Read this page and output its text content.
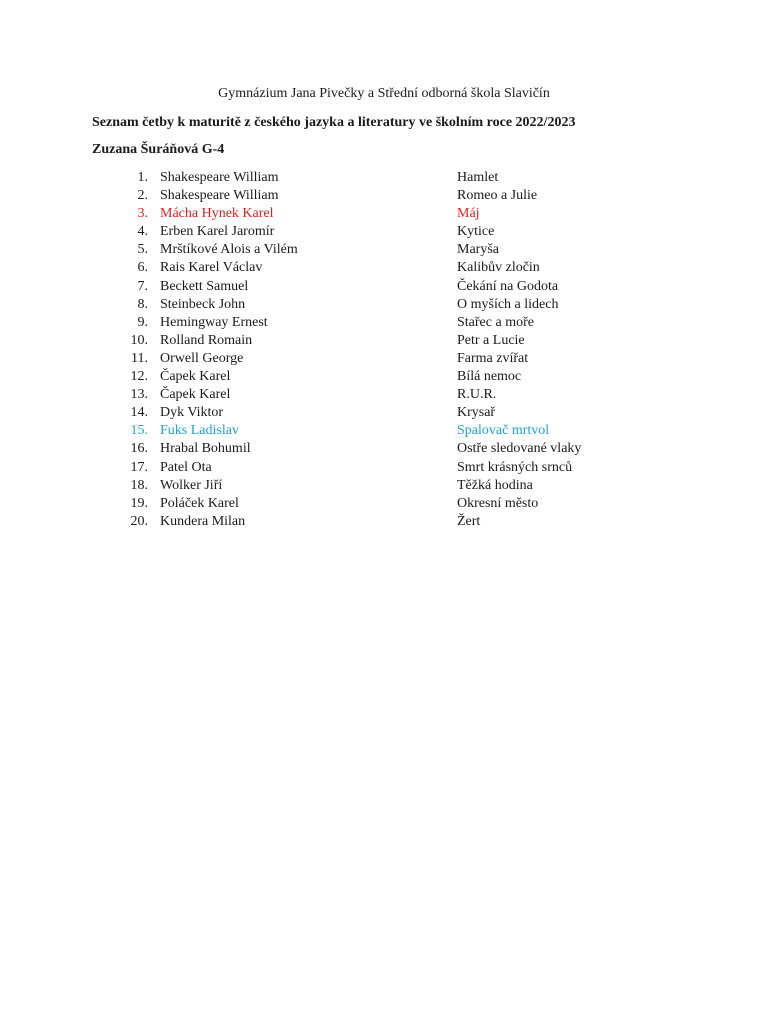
Gymnázium Jana Pivečky a Střední odborná škola Slavičín
Seznam četby k maturitě z českého jazyka a literatury ve školním roce 2022/2023
Zuzana Šuráňová G-4
1. Shakespeare William	Hamlet
2. Shakespeare William	Romeo a Julie
3. Mácha Hynek Karel	Máj
4. Erben Karel Jaromír	Kytice
5. Mrštíkové Alois a Vilém	Maryša
6. Rais Karel Václav	Kalibův zločin
7. Beckett Samuel	Čekání na Godota
8. Steinbeck John	O myších a lidech
9. Hemingway Ernest	Stařec a moře
10. Rolland Romain	Petr a Lucie
11. Orwell George	Farma zvířat
12. Čapek Karel	Bílá nemoc
13. Čapek Karel	R.U.R.
14. Dyk Viktor	Krysař
15. Fuks Ladislav	Spalovač mrtvol
16. Hrabal Bohumil	Ostře sledované vlaky
17. Patel Ota	Smrt krásných srnců
18. Wolker Jiří	Těžká hodina
19. Poláček Karel	Okresní město
20. Kundera Milan	Žert
